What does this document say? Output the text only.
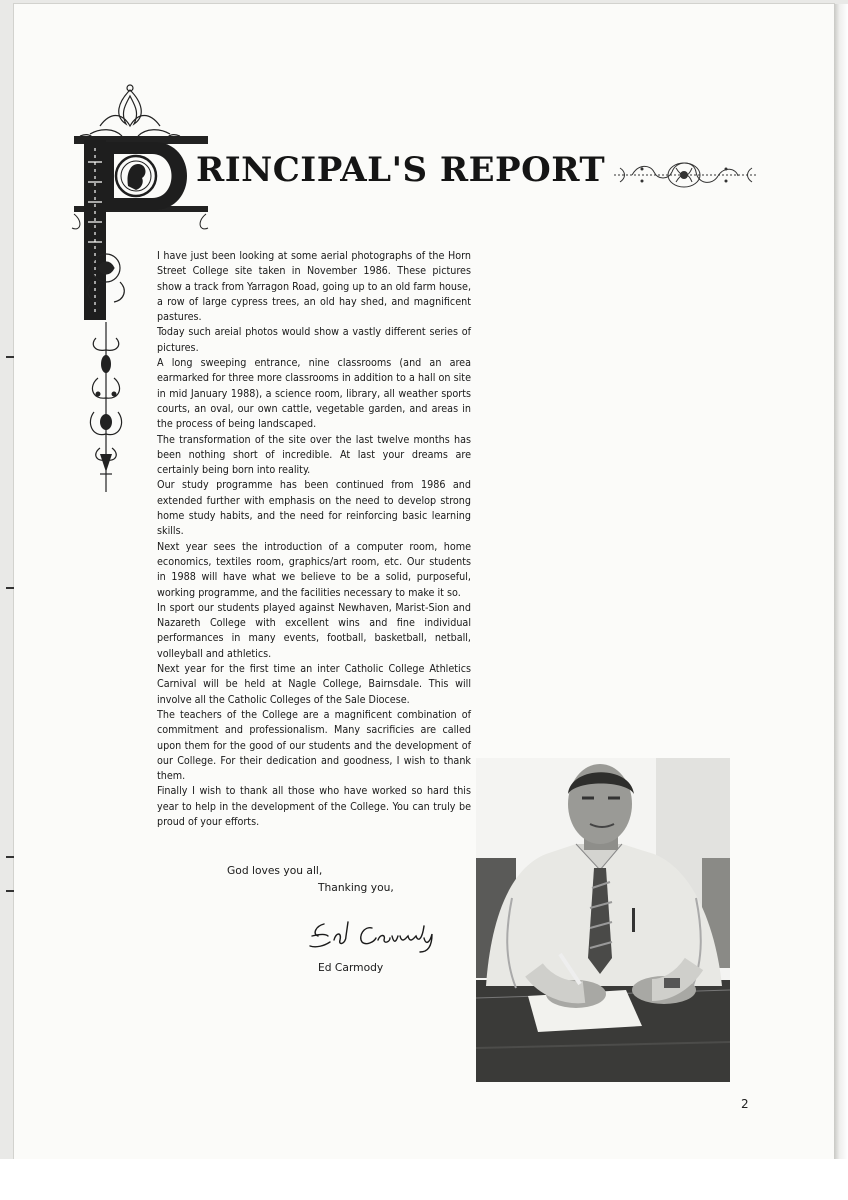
RINCIPAL'S REPORT

I have just been looking at some aerial photographs of the Horn Street College site taken in November 1986. These pictures show a track from Yarragon Road, going up to an old farm house, a row of large cypress trees, an old hay shed, and magnificent pastures.

Today such areial photos would show a vastly different series of pictures.

A long sweeping entrance, nine classrooms (and an area earmarked for three more classrooms in addition to a hall on site in mid January 1988), a science room, library, all weather sports courts, an oval, our own cattle, vegetable garden, and areas in the process of being landscaped.

The transformation of the site over the last twelve months has been nothing short of incredible. At last your dreams are certainly being born into reality.

Our study programme has been continued from 1986 and extended further with emphasis on the need to develop strong home study habits, and the need for reinforcing basic learning skills.

Next year sees the introduction of a computer room, home economics, textiles room, graphics/art room, etc. Our students in 1988 will have what we believe to be a solid, purposeful, working programme, and the facilities necessary to make it so.

In sport our students played against Newhaven, Marist-Sion and Nazareth College with excellent wins and fine individual performances in many events, football, basketball, netball, volleyball and athletics.

Next year for the first time an inter Catholic College Athletics Carnival will be held at Nagle College, Bairnsdale. This will involve all the Catholic Colleges of the Sale Diocese.

The teachers of the College are a magnificent combination of commitment and professionalism. Many sacrificies are called upon them for the good of our students and the development of our College. For their dedication and goodness, I wish to thank them.

Finally I wish to thank all those who have worked so hard this year to help in the development of the College. You can truly be proud of your efforts.

God loves you all,
Thanking you,
Ed Carmody
2
